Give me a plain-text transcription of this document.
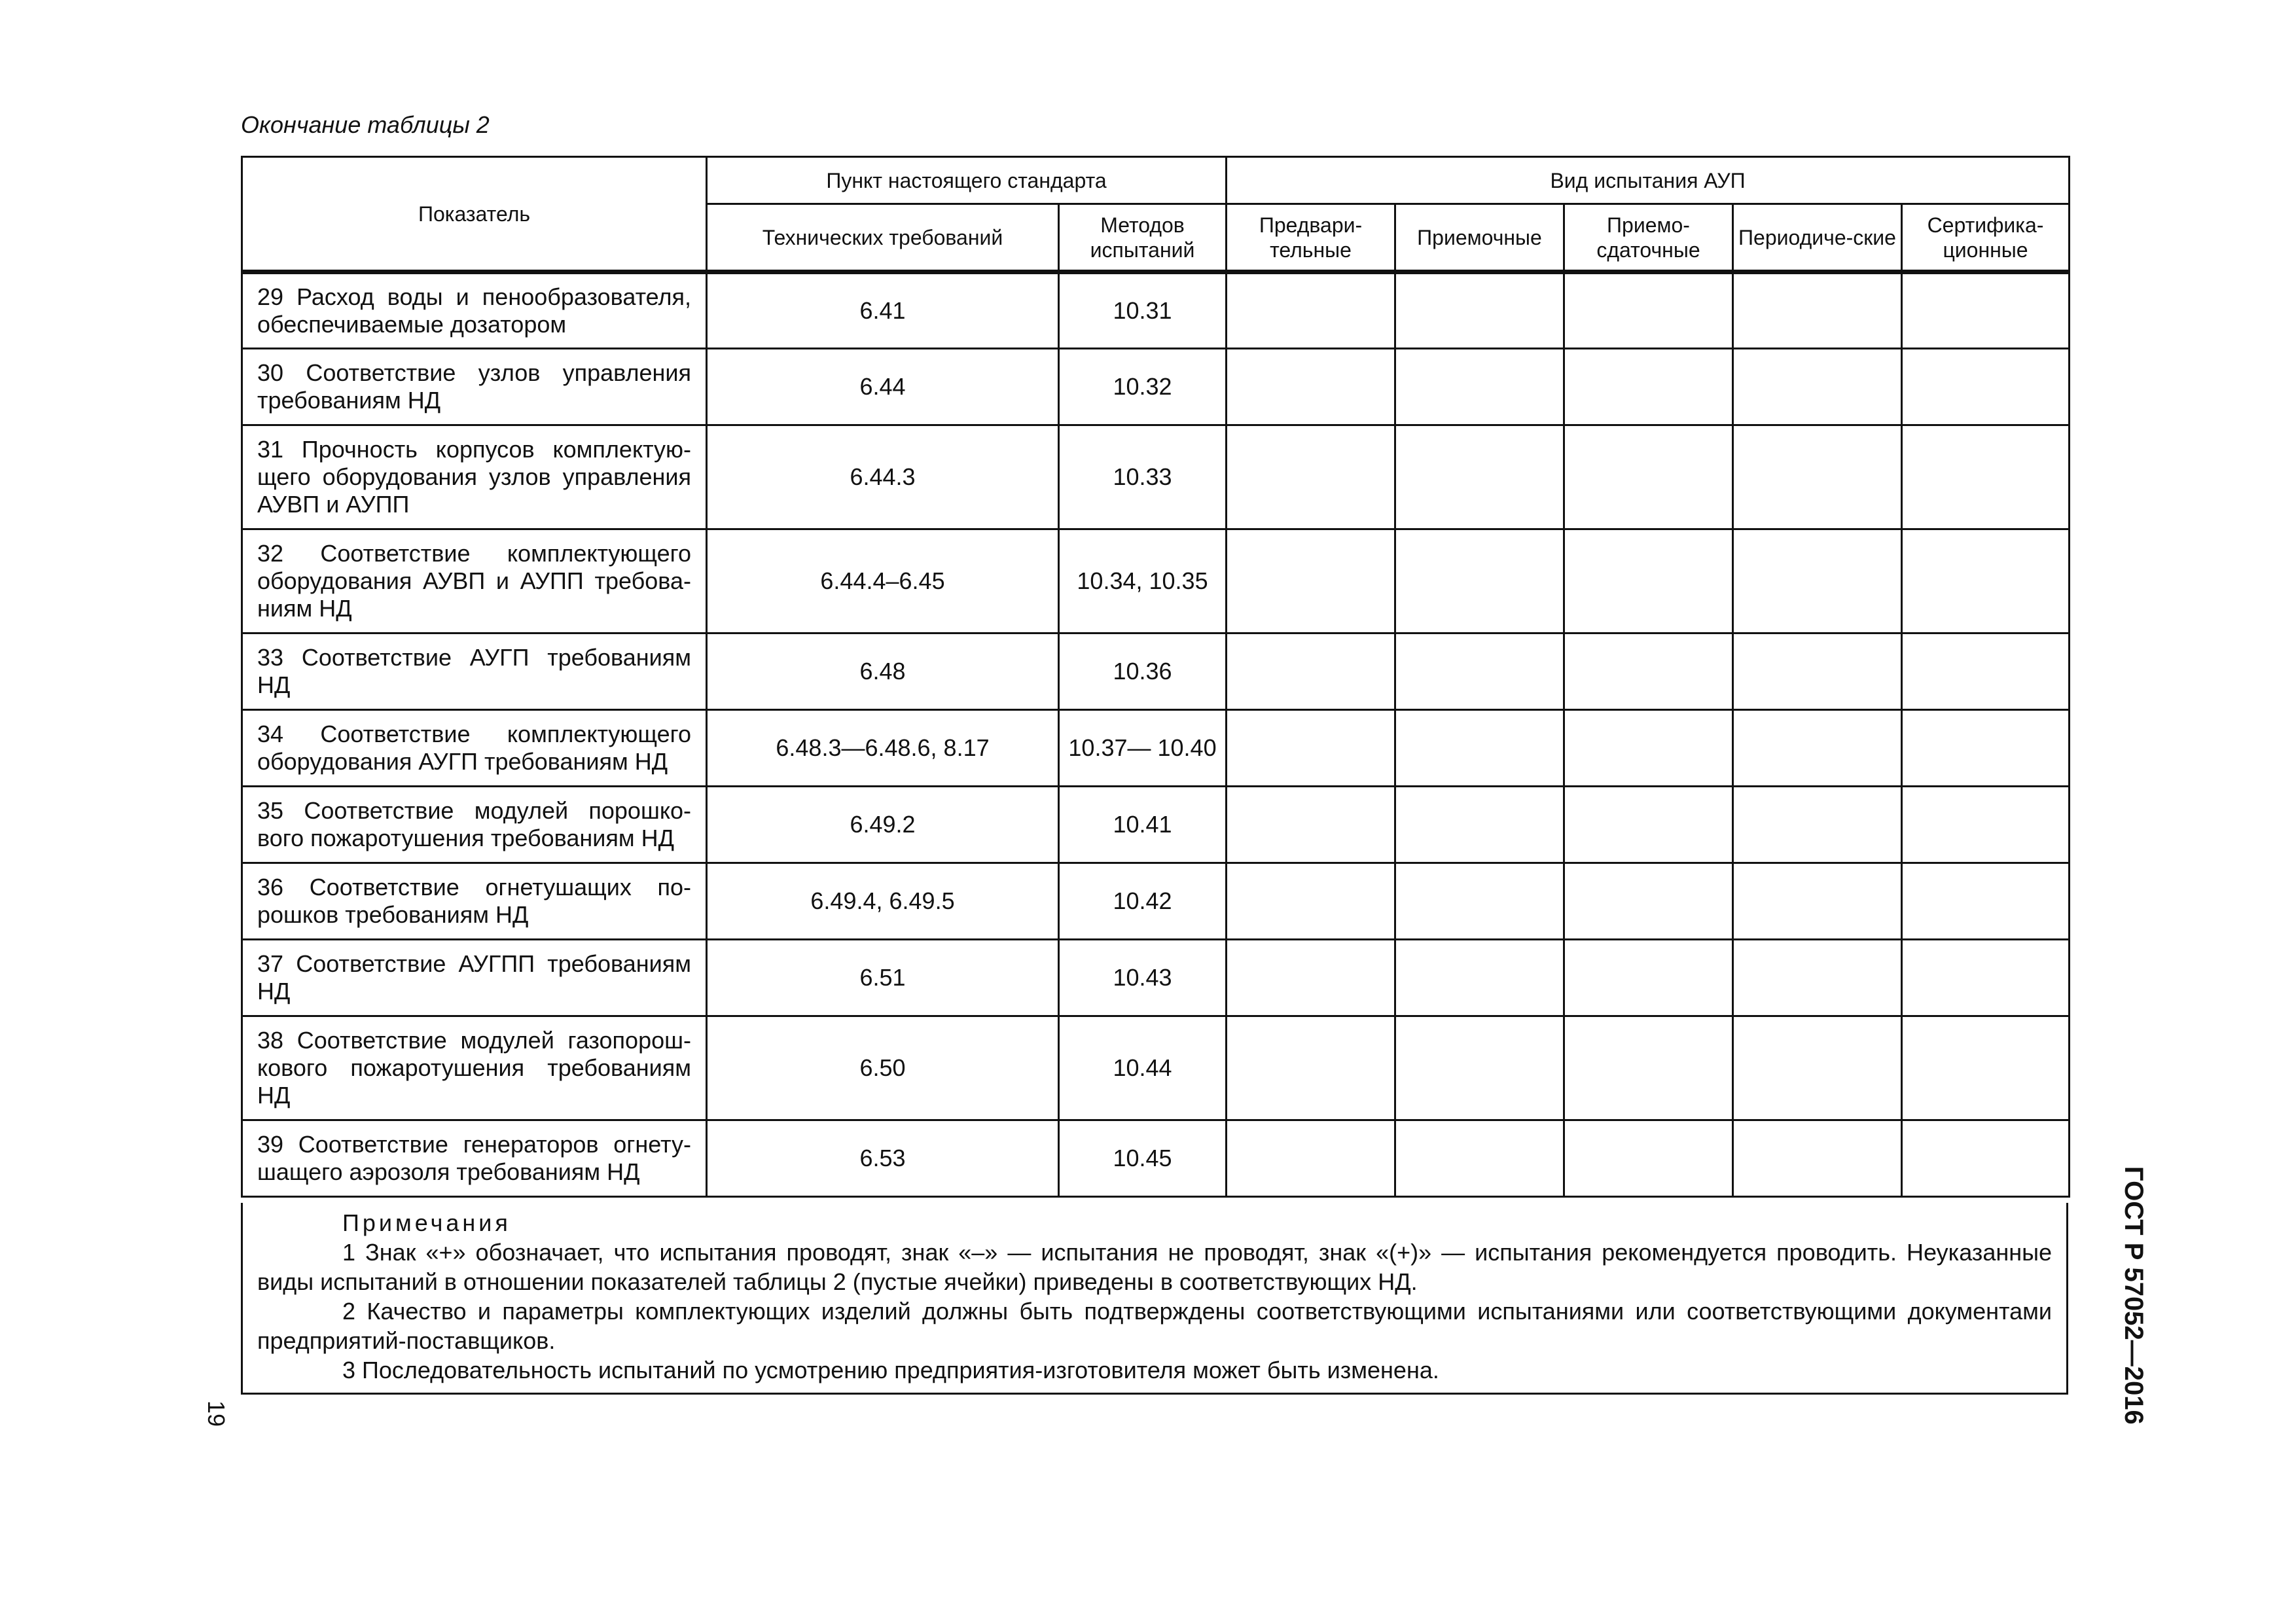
Окончание таблицы 2
Показатель	Пункт настоящего стандарта		Вид испытания АУП				
	Технических требований	Методов испытаний	Предвари-тельные	Приемочные	Приемо-сдаточные	Периодиче-ские	Сертифика-ционные
29 Расход воды и пенообразователя, обеспечиваемые дозатором	6.41	10.31					
30 Соответствие узлов управления требованиям НД	6.44	10.32					
31 Прочность корпусов комплектую-щего оборудования узлов управления АУВП и АУПП	6.44.3	10.33					
32 Соответствие комплектующего оборудования АУВП и АУПП требова-ниям НД	6.44.4–6.45	10.34, 10.35					
33 Соответствие АУГП требованиям НД	6.48	10.36					
34 Соответствие комплектующего оборудования АУГП требованиям НД	6.48.3—6.48.6, 8.17	10.37— 10.40					
35 Соответствие модулей порошко-вого пожаротушения требованиям НД	6.49.2	10.41					
36 Соответствие огнетушащих по-рошков требованиям НД	6.49.4, 6.49.5	10.42					
37 Соответствие АУГПП требованиям НД	6.51	10.43					
38 Соответствие модулей газопорош-кового пожаротушения требованиям НД	6.50	10.44					
39 Соответствие генераторов огнету-шащего аэрозоля требованиям НД	6.53	10.45					
Примечания
1 Знак «+» обозначает, что испытания проводят, знак «–» — испытания не проводят, знак «(+)» — испытания рекомендуется проводить. Неуказанные виды испытаний в отношении показателей таблицы 2 (пустые ячейки) приведены в соответствующих НД.
2 Качество и параметры комплектующих изделий должны быть подтверждены соответствующими испытаниями или соответствующими документами предприятий-поставщиков.
3 Последовательность испытаний по усмотрению предприятия-изготовителя может быть изменена.	ГОСТ Р 57052—2016
19
